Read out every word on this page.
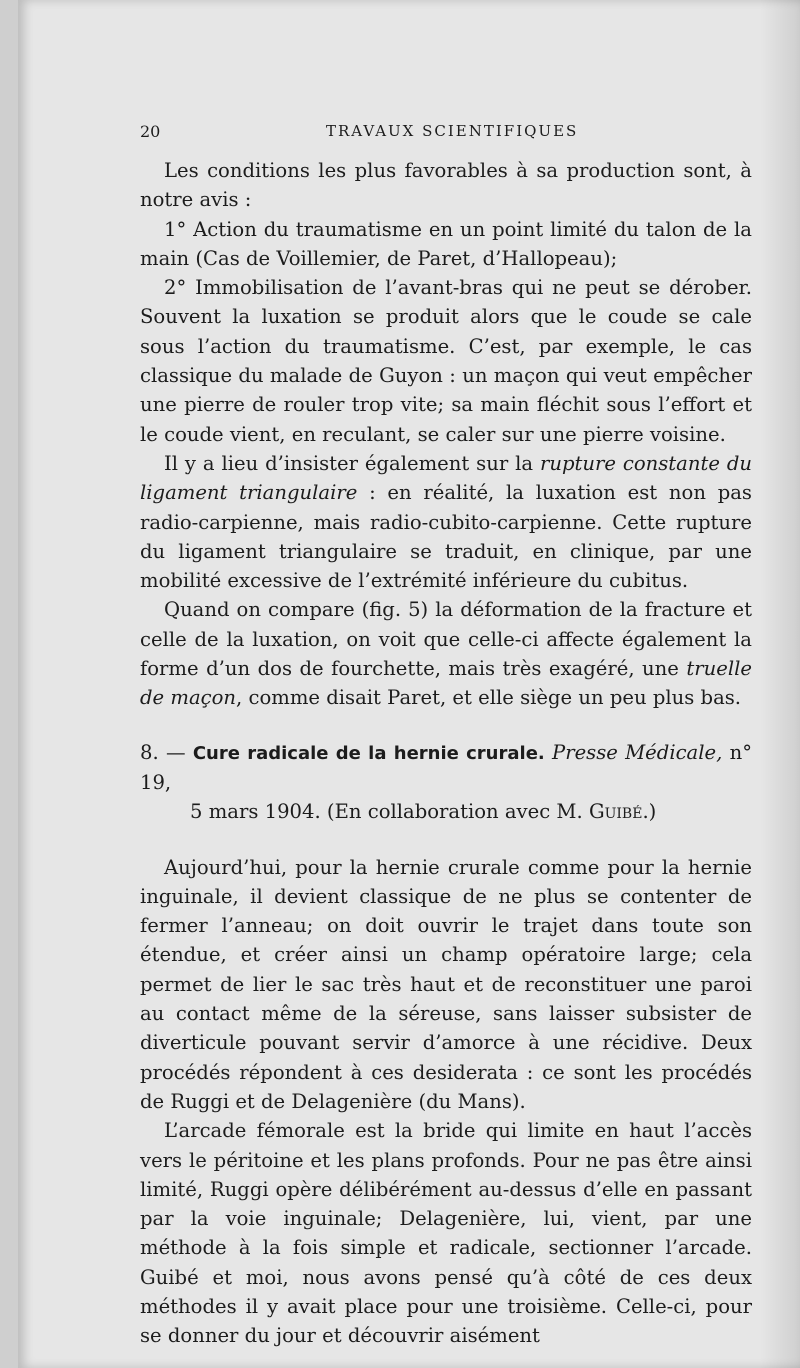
20	TRAVAUX SCIENTIFIQUES

Les conditions les plus favorables à sa production sont, à notre avis :

1° Action du traumatisme en un point limité du talon de la main (Cas de Voillemier, de Paret, d’Hallopeau);

2° Immobilisation de l’avant-bras qui ne peut se dérober. Souvent la luxation se produit alors que le coude se cale sous l’action du traumatisme. C’est, par exemple, le cas classique du malade de Guyon : un maçon qui veut empêcher une pierre de rouler trop vite; sa main fléchit sous l’effort et le coude vient, en reculant, se caler sur une pierre voisine.

Il y a lieu d’insister également sur la rupture constante du ligament triangulaire : en réalité, la luxation est non pas radio-carpienne, mais radio-cubito-carpienne. Cette rupture du ligament triangulaire se traduit, en clinique, par une mobilité excessive de l’extrémité inférieure du cubitus.

Quand on compare (fig. 5) la déformation de la fracture et celle de la luxation, on voit que celle-ci affecte également la forme d’un dos de fourchette, mais très exagéré, une truelle de maçon, comme disait Paret, et elle siège un peu plus bas.

8. — Cure radicale de la hernie crurale. Presse Médicale, n° 19,
5 mars 1904. (En collaboration avec M. Guibé.)

Aujourd’hui, pour la hernie crurale comme pour la hernie inguinale, il devient classique de ne plus se contenter de fermer l’anneau; on doit ouvrir le trajet dans toute son étendue, et créer ainsi un champ opératoire large; cela permet de lier le sac très haut et de reconstituer une paroi au contact même de la séreuse, sans laisser subsister de diverticule pouvant servir d’amorce à une récidive. Deux procédés répondent à ces desiderata : ce sont les procédés de Ruggi et de Delagenière (du Mans).

L’arcade fémorale est la bride qui limite en haut l’accès vers le péritoine et les plans profonds. Pour ne pas être ainsi limité, Ruggi opère délibérément au-dessus d’elle en passant par la voie inguinale; Delagenière, lui, vient, par une méthode à la fois simple et radicale, sectionner l’arcade. Guibé et moi, nous avons pensé qu’à côté de ces deux méthodes il y avait place pour une troisième. Celle-ci, pour se donner du jour et découvrir aisément
